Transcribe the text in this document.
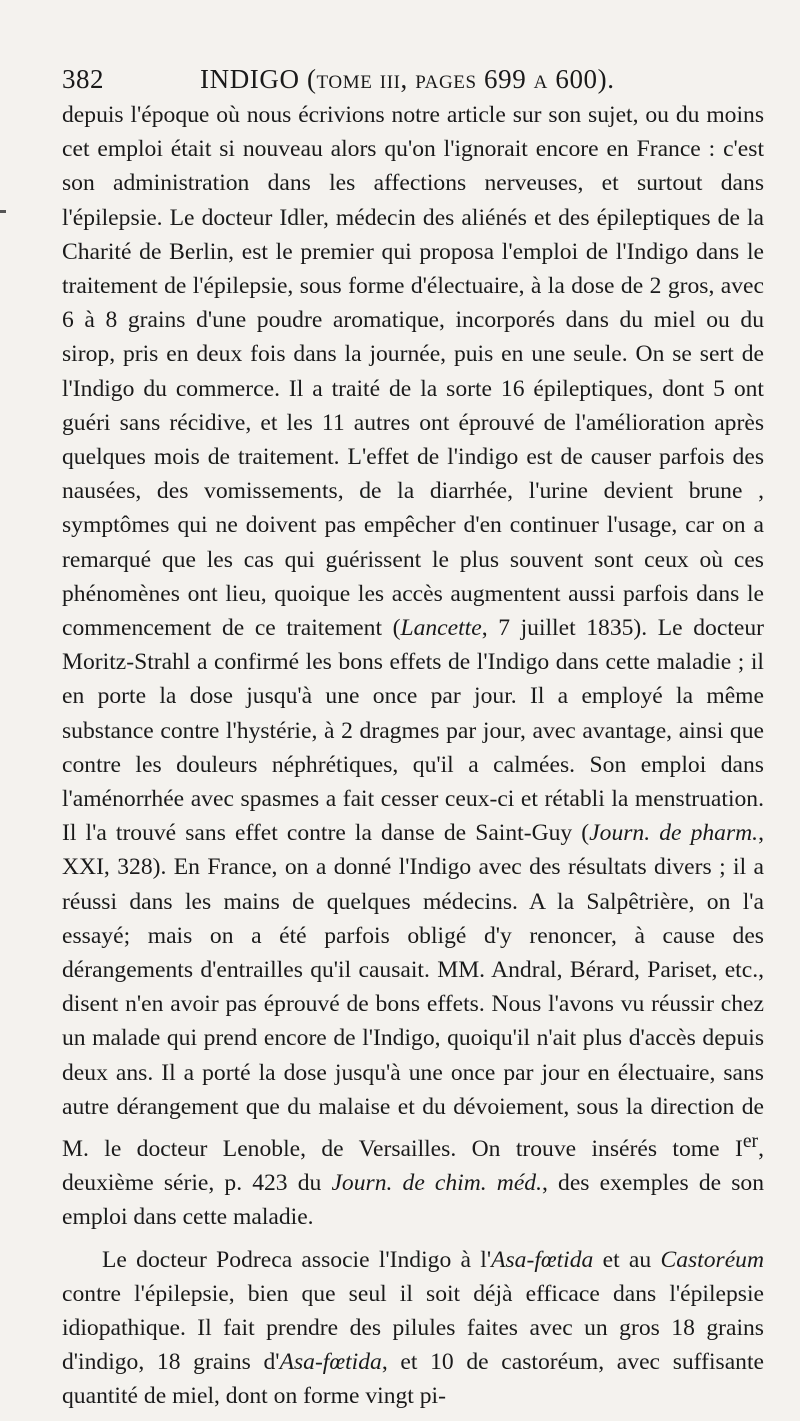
382	INDIGO (tome iii, pages 699 a 600).

depuis l'époque où nous écrivions notre article sur son sujet, ou du moins cet emploi était si nouveau alors qu'on l'ignorait encore en France : c'est son administration dans les affections nerveuses, et surtout dans l'épilepsie. Le docteur Idler, médecin des aliénés et des épileptiques de la Charité de Berlin, est le premier qui proposa l'emploi de l'Indigo dans le traitement de l'épilepsie, sous forme d'électuaire, à la dose de 2 gros, avec 6 à 8 grains d'une poudre aromatique, incorporés dans du miel ou du sirop, pris en deux fois dans la journée, puis en une seule. On se sert de l'Indigo du commerce. Il a traité de la sorte 16 épileptiques, dont 5 ont guéri sans récidive, et les 11 autres ont éprouvé de l'amélioration après quelques mois de traitement. L'effet de l'indigo est de causer parfois des nausées, des vomissements, de la diarrhée, l'urine devient brune , symptômes qui ne doivent pas empêcher d'en continuer l'usage, car on a remarqué que les cas qui guérissent le plus souvent sont ceux où ces phénomènes ont lieu, quoique les accès augmentent aussi parfois dans le commencement de ce traitement (Lancette, 7 juillet 1835). Le docteur Moritz-Strahl a confirmé les bons effets de l'Indigo dans cette maladie ; il en porte la dose jusqu'à une once par jour. Il a employé la même substance contre l'hystérie, à 2 dragmes par jour, avec avantage, ainsi que contre les douleurs néphrétiques, qu'il a calmées. Son emploi dans l'aménorrhée avec spasmes a fait cesser ceux-ci et rétabli la menstruation. Il l'a trouvé sans effet contre la danse de Saint-Guy (Journ. de pharm., XXI, 328). En France, on a donné l'Indigo avec des résultats divers ; il a réussi dans les mains de quelques médecins. A la Salpêtrière, on l'a essayé; mais on a été parfois obligé d'y renoncer, à cause des dérangements d'entrailles qu'il causait. MM. Andral, Bérard, Pariset, etc., disent n'en avoir pas éprouvé de bons effets. Nous l'avons vu réussir chez un malade qui prend encore de l'Indigo, quoiqu'il n'ait plus d'accès depuis deux ans. Il a porté la dose jusqu'à une once par jour en électuaire, sans autre dérangement que du malaise et du dévoiement, sous la direction de M. le docteur Lenoble, de Versailles. On trouve insérés tome Ier, deuxième série, p. 423 du Journ. de chim. méd., des exemples de son emploi dans cette maladie.

Le docteur Podreca associe l'Indigo à l'Asa-fœtida et au Castoréum contre l'épilepsie, bien que seul il soit déjà efficace dans l'épilepsie idiopathique. Il fait prendre des pilules faites avec un gros 18 grains d'indigo, 18 grains d'Asa-fœtida, et 10 de castoréum, avec suffisante quantité de miel, dont on forme vingt pi-
